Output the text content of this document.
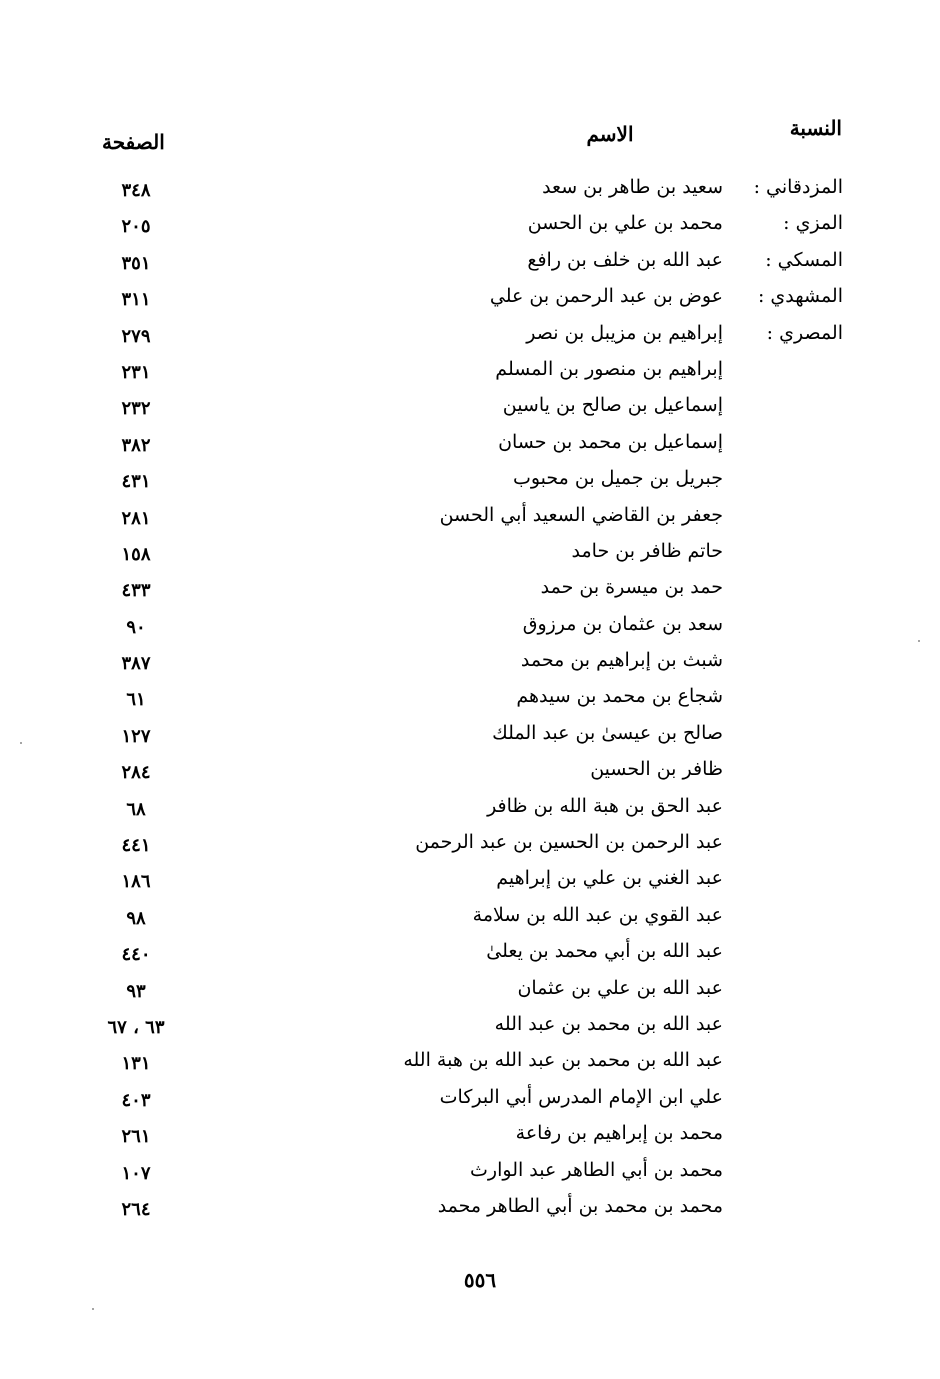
النسبة
الاسم
الصفحة
المزدقاني :
سعيد بن طاهر بن سعد
٣٤٨
المزي :
محمد بن علي بن الحسن
٢٠٥
المسكي :
عبد الله بن خلف بن رافع
٣٥١
المشهدي :
عوض بن عبد الرحمن بن علي
٣١١
المصري :
إبراهيم بن مزيبل بن نصر
٢٧٩
إبراهيم بن منصور بن المسلم
٢٣١
إسماعيل بن صالح بن ياسين
٢٣٢
إسماعيل بن محمد بن حسان
٣٨٢
جبريل بن جميل بن محبوب
٤٣١
جعفر بن القاضي السعيد أبي الحسن
٢٨١
حاتم ظافر بن حامد
١٥٨
حمد بن ميسرة بن حمد
٤٣٣
سعد بن عثمان بن مرزوق
٩٠
شبث بن إبراهيم بن محمد
٣٨٧
شجاع بن محمد بن سيدهم
٦١
صالح بن عيسىٰ بن عبد الملك
١٢٧
ظافر بن الحسين
٢٨٤
عبد الحق بن هبة الله بن ظافر
٦٨
عبد الرحمن بن الحسين بن عبد الرحمن
٤٤١
عبد الغني بن علي بن إبراهيم
١٨٦
عبد القوي بن عبد الله بن سلامة
٩٨
عبد الله بن أبي محمد بن يعلىٰ
٤٤٠
عبد الله بن علي بن عثمان
٩٣
عبد الله بن محمد بن عبد الله
٦٣ ، ٦٧
عبد الله بن محمد بن عبد الله بن هبة الله
١٣١
علي ابن الإمام المدرس أبي البركات
٤٠٣
محمد بن إبراهيم بن رفاعة
٢٦١
محمد بن أبي الطاهر عبد الوارث
١٠٧
محمد بن محمد بن أبي الطاهر محمد
٢٦٤
٥٥٦
